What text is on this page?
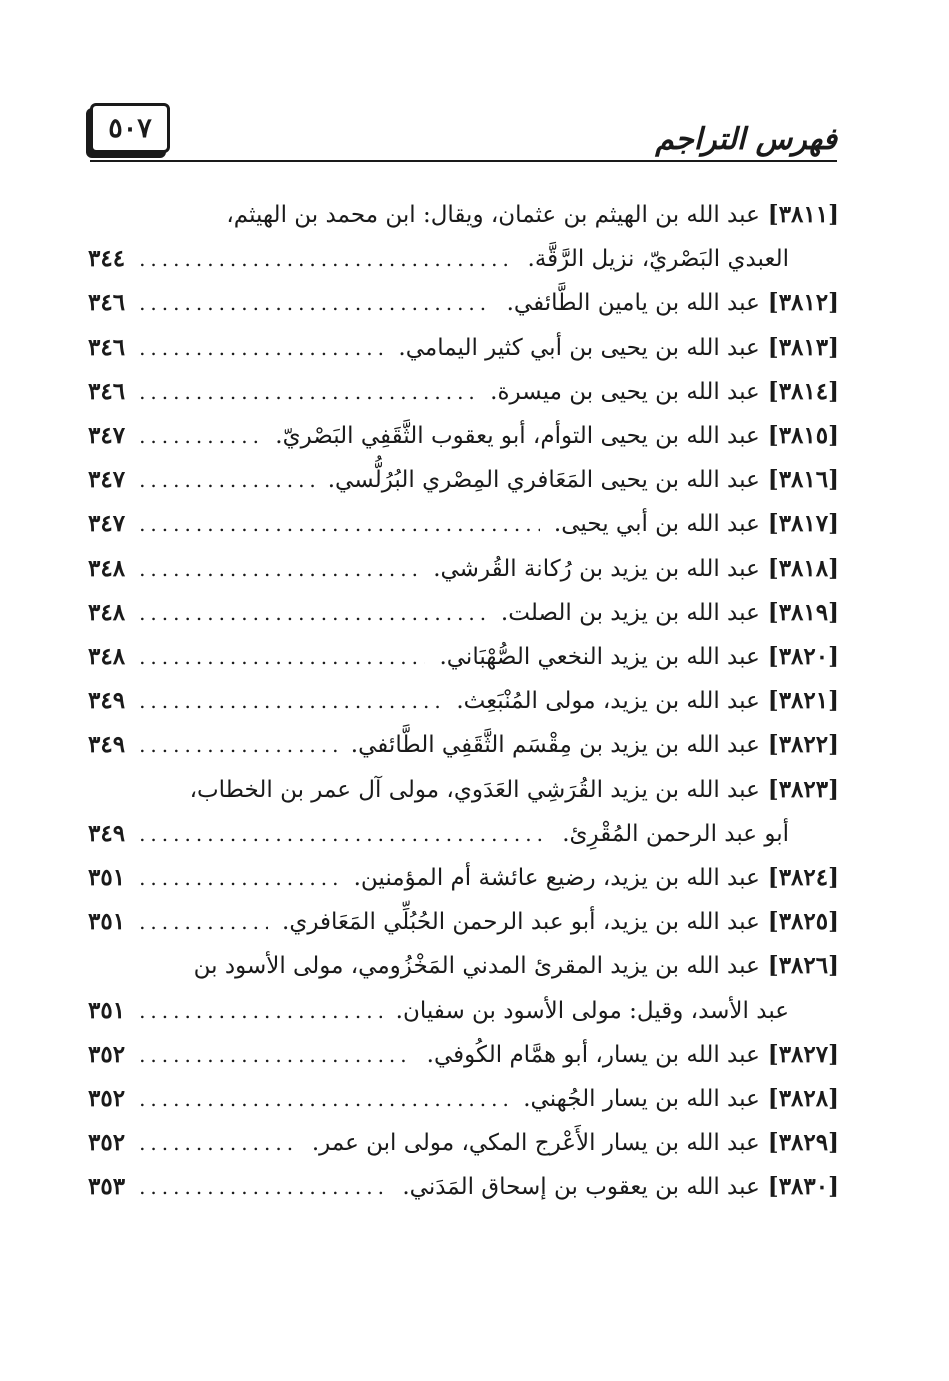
فهرس التراجم
٥٠٧
[٣٨١١]
عبد الله بن الهيثم بن عثمان، ويقال: ابن محمد بن الهيثم،
العبدي البَصْريّ، نزيل الرَّقَّة.
.....
٣٤٤
[٣٨١٢]
عبد الله بن يامين الطَّائفي.
.....
٣٤٦
[٣٨١٣]
عبد الله بن يحيى بن أبي كثير اليمامي.
.....
٣٤٦
[٣٨١٤]
عبد الله بن يحيى بن ميسرة.
.....
٣٤٦
[٣٨١٥]
عبد الله بن يحيى التوأم، أبو يعقوب الثَّقَفِي البَصْريّ.
.....
٣٤٧
[٣٨١٦]
عبد الله بن يحيى المَعَافري المِصْري البُرُلُّسي.
.....
٣٤٧
[٣٨١٧]
عبد الله بن أبي يحيى.
.....
٣٤٧
[٣٨١٨]
عبد الله بن يزيد بن رُكانة القُرشي.
.....
٣٤٨
[٣٨١٩]
عبد الله بن يزيد بن الصلت.
.....
٣٤٨
[٣٨٢٠]
عبد الله بن يزيد النخعي الصُّهْبَاني.
.....
٣٤٨
[٣٨٢١]
عبد الله بن يزيد، مولى المُنْبَعِث.
.....
٣٤٩
[٣٨٢٢]
عبد الله بن يزيد بن مِقْسَم الثَّقَفِي الطَّائفي.
.....
٣٤٩
[٣٨٢٣]
عبد الله بن يزيد القُرَشِي العَدَوي، مولى آل عمر بن الخطاب،
أبو عبد الرحمن المُقْرِئ.
.....
٣٤٩
[٣٨٢٤]
عبد الله بن يزيد، رضيع عائشة أم المؤمنين.
.....
٣٥١
[٣٨٢٥]
عبد الله بن يزيد، أبو عبد الرحمن الحُبُلِّي المَعَافري.
.....
٣٥١
[٣٨٢٦]
عبد الله بن يزيد المقرئ المدني المَخْزُومي، مولى الأسود بن
عبد الأسد، وقيل: مولى الأسود بن سفيان.
.....
٣٥١
[٣٨٢٧]
عبد الله بن يسار، أبو همَّام الكُوفي.
.....
٣٥٢
[٣٨٢٨]
عبد الله بن يسار الجُهني.
.....
٣٥٢
[٣٨٢٩]
عبد الله بن يسار الأَعْرج المكي، مولى ابن عمر.
.....
٣٥٢
[٣٨٣٠]
عبد الله بن يعقوب بن إسحاق المَدَني.
.....
٣٥٣
